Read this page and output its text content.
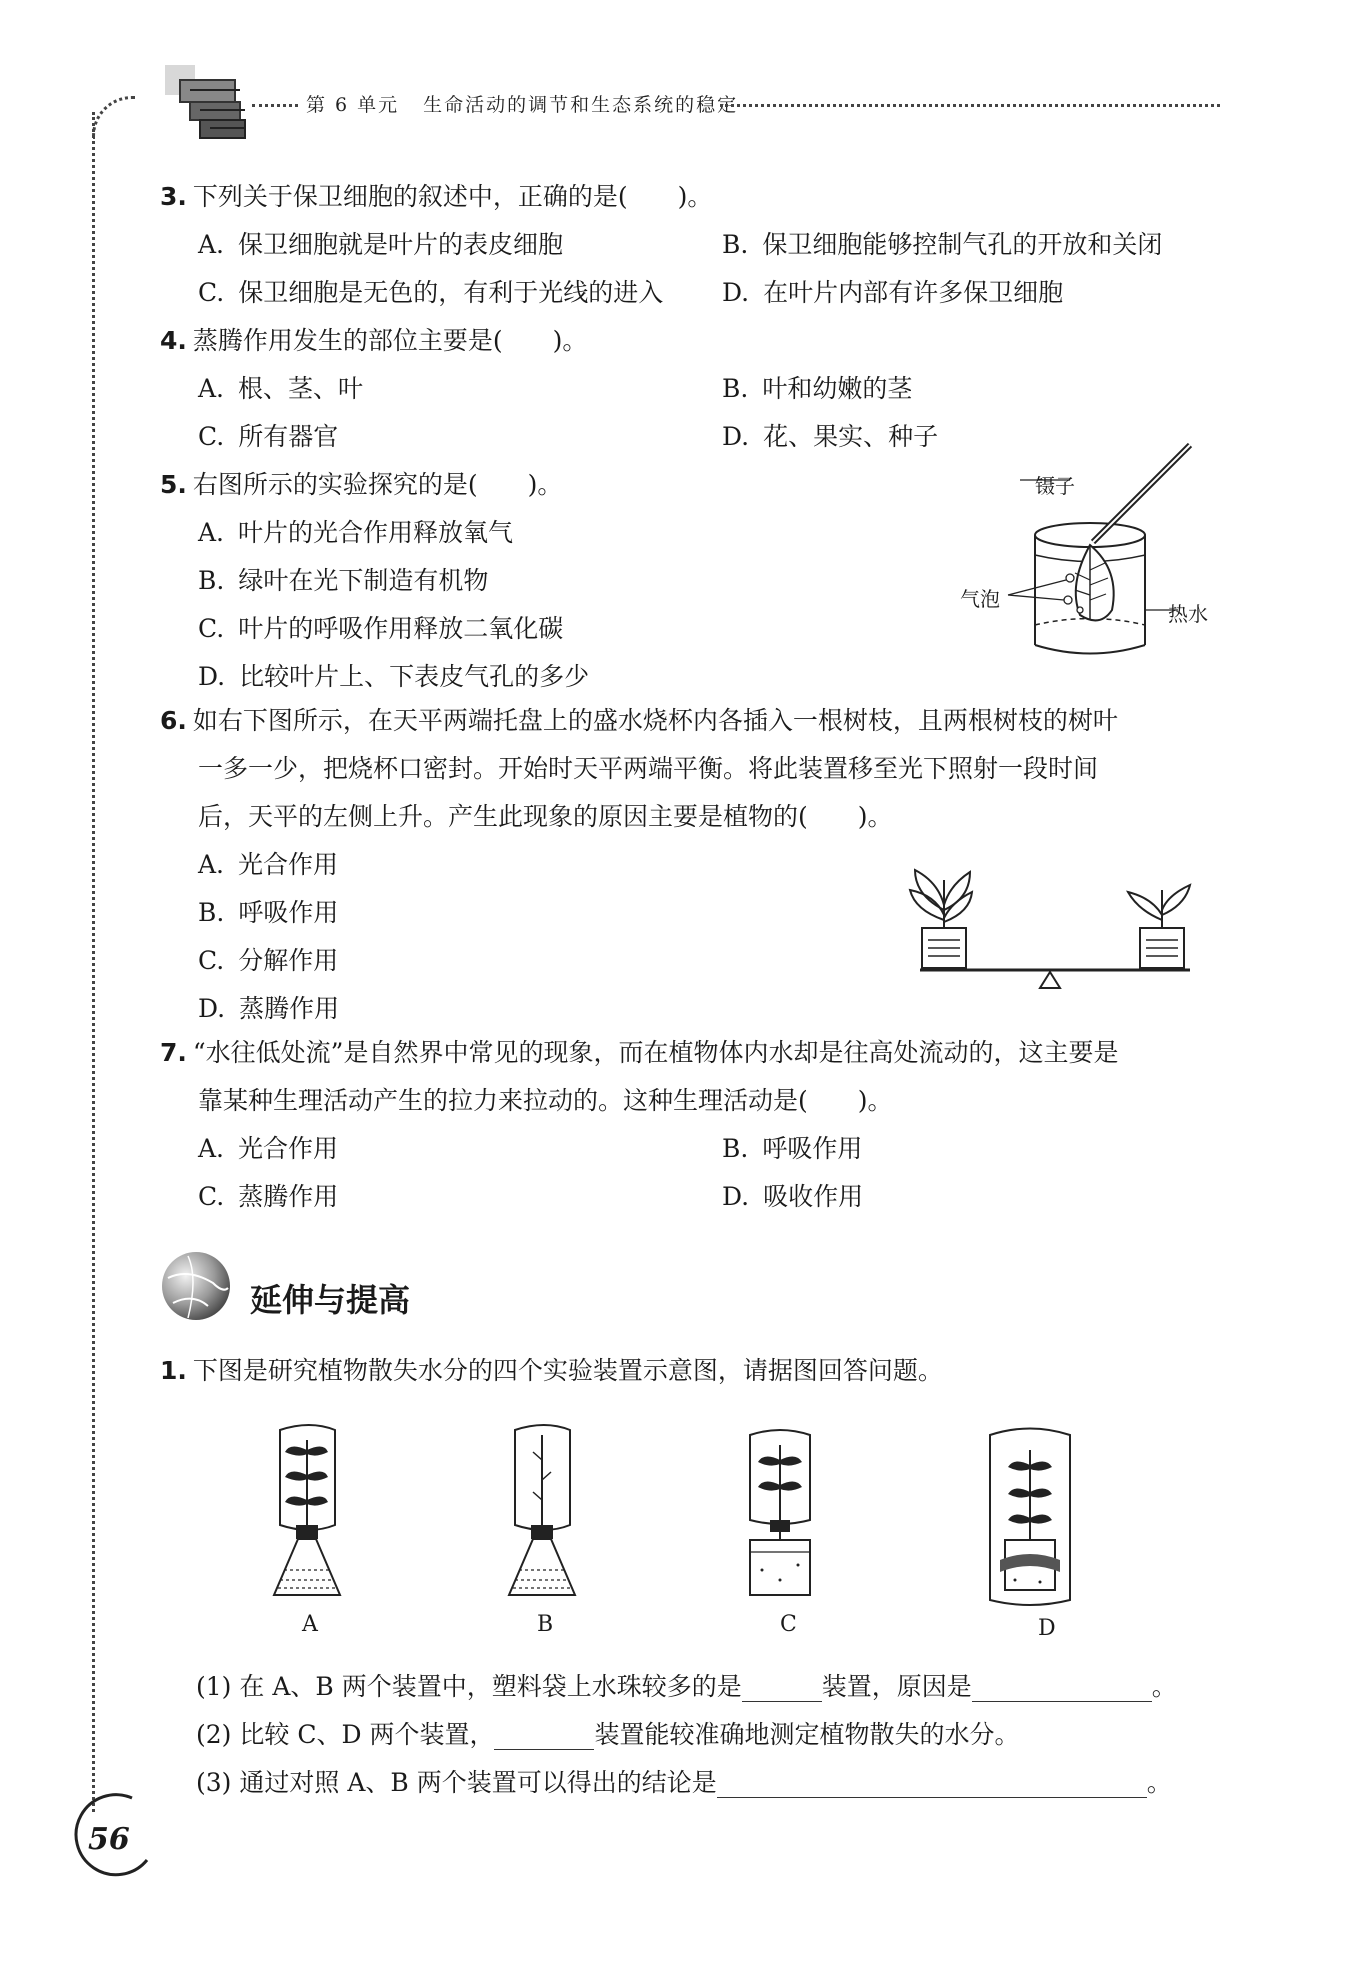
第 6 单元 生命活动的调节和生态系统的稳定
3. 下列关于保卫细胞的叙述中，正确的是(　　)。
A. 保卫细胞就是叶片的表皮细胞	B. 保卫细胞能够控制气孔的开放和关闭
C. 保卫细胞是无色的，有利于光线的进入 D. 在叶片内部有许多保卫细胞
4. 蒸腾作用发生的部位主要是(　　)。
A. 根、茎、叶	B. 叶和幼嫩的茎
C. 所有器官	D. 花、果实、种子
5. 右图所示的实验探究的是(　　)。
A. 叶片的光合作用释放氧气
B. 绿叶在光下制造有机物
C. 叶片的呼吸作用释放二氧化碳
D. 比较叶片上、下表皮气孔的多少
镊子
气泡
热水
6. 如右下图所示，在天平两端托盘上的盛水烧杯内各插入一根树枝，且两根树枝的树叶
一多一少，把烧杯口密封。开始时天平两端平衡。将此装置移至光下照射一段时间
后，天平的左侧上升。产生此现象的原因主要是植物的(　　)。
A. 光合作用
B. 呼吸作用
C. 分解作用
D. 蒸腾作用
7. “水往低处流”是自然界中常见的现象，而在植物体内水却是往高处流动的，这主要是
靠某种生理活动产生的拉力来拉动的。这种生理活动是(　　)。
A. 光合作用	B. 呼吸作用
C. 蒸腾作用	D. 吸收作用
延伸与提高
1. 下图是研究植物散失水分的四个实验装置示意图，请据图回答问题。
A	B	C	D
(1) 在 A、B 两个装置中，塑料袋上水珠较多的是	装置，原因是	。
(2) 比较 C、D 两个装置，	装置能较准确地测定植物散失的水分。
(3) 通过对照 A、B 两个装置可以得出的结论是	。
56
